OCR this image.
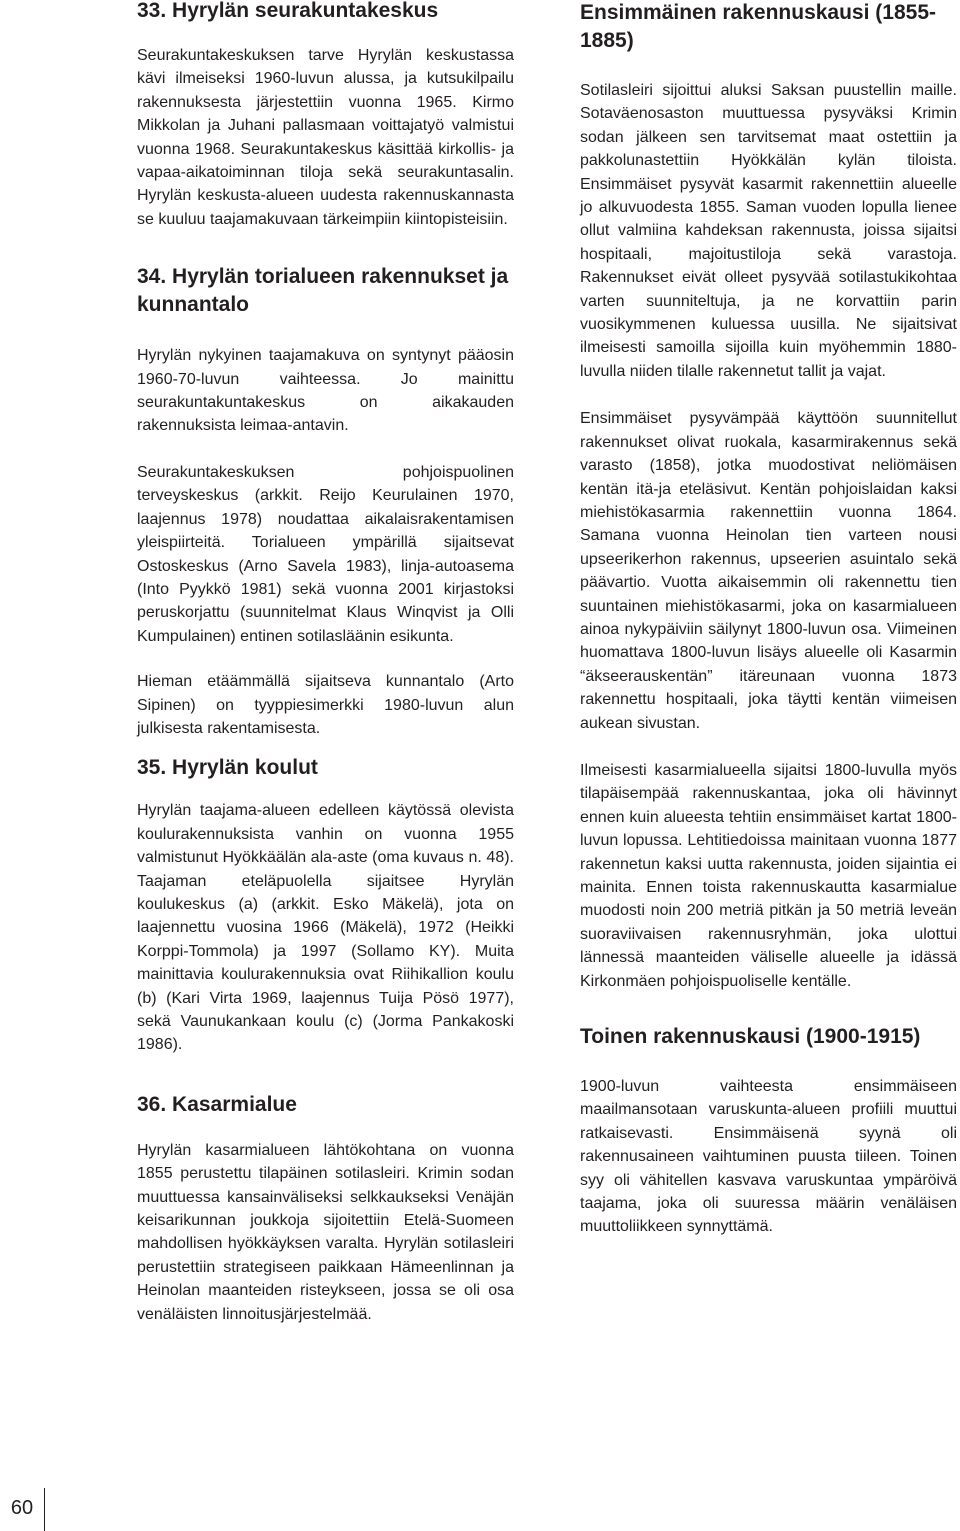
33. Hyrylän seurakuntakeskus

Seurakuntakeskuksen tarve Hyrylän keskustassa kävi ilmeiseksi 1960-luvun alussa, ja kutsukilpailu rakennuksesta järjestettiin vuonna 1965. Kirmo Mikkolan ja Juhani pallasmaan voittajatyö valmistui vuonna 1968. Seurakuntakeskus käsittää kirkollis- ja vapaa-aikatoiminnan tiloja sekä seurakuntasalin. Hyrylän keskusta-alueen uudesta rakennuskannasta se kuuluu taajamakuvaan tärkeimpiin kiintopisteisiin.

34. Hyrylän torialueen rakennukset ja kunnantalo

Hyrylän nykyinen taajamakuva on syntynyt pääosin 1960-70-luvun vaihteessa. Jo mainittu seurakuntakuntakeskus on aikakauden rakennuksista leimaa-antavin.

Seurakuntakeskuksen pohjoispuolinen terveyskeskus (arkkit. Reijo Keurulainen 1970, laajennus 1978) noudattaa aikalaisrakentamisen yleispiirteitä. Torialueen ympärillä sijaitsevat Ostoskeskus (Arno Savela 1983), linja-autoasema (Into Pyykkö 1981) sekä vuonna 2001 kirjastoksi peruskorjattu (suunnitelmat Klaus Winqvist ja Olli Kumpulainen) entinen sotilasläänin esikunta.

Hieman etäämmällä sijaitseva kunnantalo (Arto Sipinen) on tyyppiesimerkki 1980-luvun alun julkisesta rakentamisesta.

35. Hyrylän koulut

Hyrylän taajama-alueen edelleen käytössä olevista koulurakennuksista vanhin on vuonna 1955 valmistunut Hyökkäälän ala-aste (oma kuvaus n. 48). Taajaman eteläpuolella sijaitsee Hyrylän koulukeskus (a) (arkkit. Esko Mäkelä), jota on laajennettu vuosina 1966 (Mäkelä), 1972 (Heikki Korppi-Tommola) ja 1997 (Sollamo KY). Muita mainittavia koulurakennuksia ovat Riihikallion koulu (b) (Kari Virta 1969, laajennus Tuija Pösö 1977), sekä Vaunukankaan koulu (c) (Jorma Pankakoski 1986).

36. Kasarmialue

Hyrylän kasarmialueen lähtökohtana on vuonna 1855 perustettu tilapäinen sotilasleiri. Krimin sodan muuttuessa kansainväliseksi selkkaukseksi Venäjän keisarikunnan joukkoja sijoitettiin Etelä-Suomeen mahdollisen hyökkäyksen varalta. Hyrylän sotilasleiri perustettiin strategiseen paikkaan Hämeenlinnan ja Heinolan maanteiden risteykseen, jossa se oli osa venäläisten linnoitusjärjestelmää.

Ensimmäinen rakennuskausi (1855-1885)

Sotilasleiri sijoittui aluksi Saksan puustellin maille. Sotaväenosaston muuttuessa pysyväksi Krimin sodan jälkeen sen tarvitsemat maat ostettiin ja pakkolunastettiin Hyökkälän kylän tiloista. Ensimmäiset pysyvät kasarmit rakennettiin alueelle jo alkuvuodesta 1855. Saman vuoden lopulla lienee ollut valmiina kahdeksan rakennusta, joissa sijaitsi hospitaali, majoitustiloja sekä varastoja. Rakennukset eivät olleet pysyvää sotilastukikohtaa varten suunniteltuja, ja ne korvattiin parin vuosikymmenen kuluessa uusilla. Ne sijaitsivat ilmeisesti samoilla sijoilla kuin myöhemmin 1880-luvulla niiden tilalle rakennetut tallit ja vajat.

Ensimmäiset pysyvämpää käyttöön suunnitellut rakennukset olivat ruokala, kasarmirakennus sekä varasto (1858), jotka muodostivat neliömäisen kentän itä-ja eteläsivut. Kentän pohjoislaidan kaksi miehistökasarmia rakennettiin vuonna 1864. Samana vuonna Heinolan tien varteen nousi upseerikerhon rakennus, upseerien asuintalo sekä päävartio. Vuotta aikaisemmin oli rakennettu tien suuntainen miehistökasarmi, joka on kasarmialueen ainoa nykypäiviin säilynyt 1800-luvun osa. Viimeinen huomattava 1800-luvun lisäys alueelle oli Kasarmin “äkseerauskentän” itäreunaan vuonna 1873 rakennettu hospitaali, joka täytti kentän viimeisen aukean sivustan.

Ilmeisesti kasarmialueella sijaitsi 1800-luvulla myös tilapäisempää rakennuskantaa, joka oli hävinnyt ennen kuin alueesta tehtiin ensimmäiset kartat 1800-luvun lopussa. Lehtitiedoissa mainitaan vuonna 1877 rakennetun kaksi uutta rakennusta, joiden sijaintia ei mainita. Ennen toista rakennuskautta kasarmialue muodosti noin 200 metriä pitkän ja 50 metriä leveän suoraviivaisen rakennusryhmän, joka ulottui lännessä maanteiden väliselle alueelle ja idässä Kirkonmäen pohjoispuoliselle kentälle.

Toinen rakennuskausi (1900-1915)

1900-luvun vaihteesta ensimmäiseen maailmansotaan varuskunta-alueen profiili muuttui ratkaisevasti. Ensimmäisenä syynä oli rakennusaineen vaihtuminen puusta tiileen. Toinen syy oli vähitellen kasvava varuskuntaa ympäröivä taajama, joka oli suuressa määrin venäläisen muuttoliikkeen synnyttämä.

60
